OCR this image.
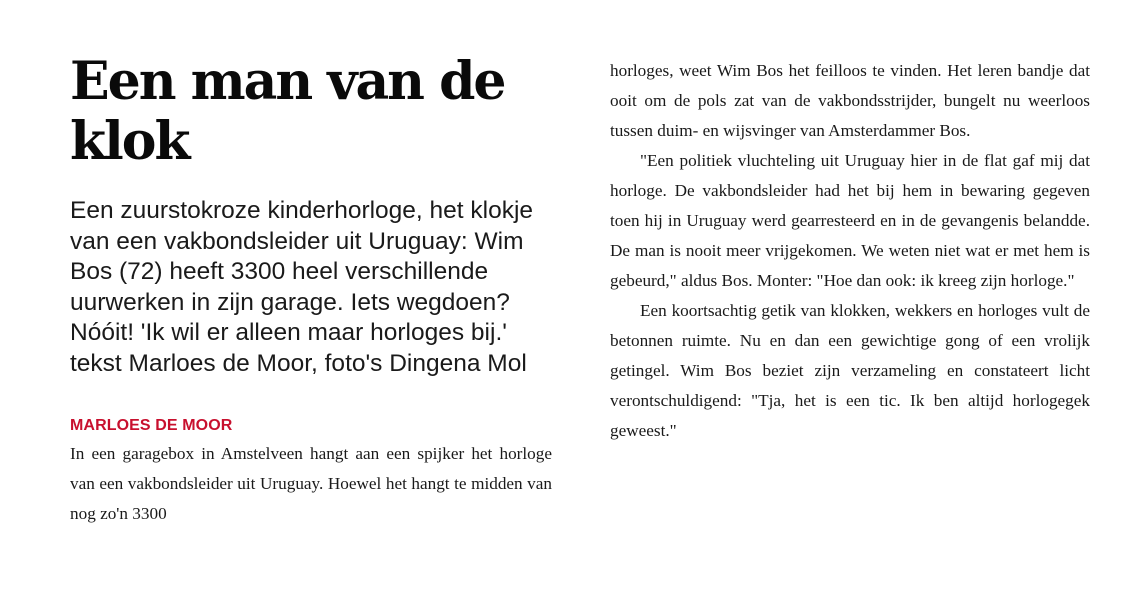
Een man van de klok

Een zuurstokroze kinderhorloge, het klokje van een vakbondsleider uit Uruguay: Wim Bos (72) heeft 3300 heel verschillende uurwerken in zijn garage. Iets wegdoen? Nóóit! 'Ik wil er alleen maar horloges bij.' tekst Marloes de Moor, foto's Dingena Mol

MARLOES DE MOOR

In een garagebox in Amstelveen hangt aan een spijker het horloge van een vakbondsleider uit Uruguay. Hoewel het hangt te midden van nog zo'n 3300

horloges, weet Wim Bos het feilloos te vinden. Het leren bandje dat ooit om de pols zat van de vakbondsstrijder, bungelt nu weerloos tussen duim- en wijsvinger van Amsterdammer Bos.

"Een politiek vluchteling uit Uruguay hier in de flat gaf mij dat horloge. De vakbondsleider had het bij hem in bewaring gegeven toen hij in Uruguay werd gearresteerd en in de gevangenis belandde. De man is nooit meer vrijgekomen. We weten niet wat er met hem is gebeurd," aldus Bos. Monter: "Hoe dan ook: ik kreeg zijn horloge."

Een koortsachtig getik van klokken, wekkers en horloges vult de betonnen ruimte. Nu en dan een gewichtige gong of een vrolijk getingel. Wim Bos beziet zijn verzameling en constateert licht verontschuldigend: "Tja, het is een tic. Ik ben altijd horlogegek geweest."
